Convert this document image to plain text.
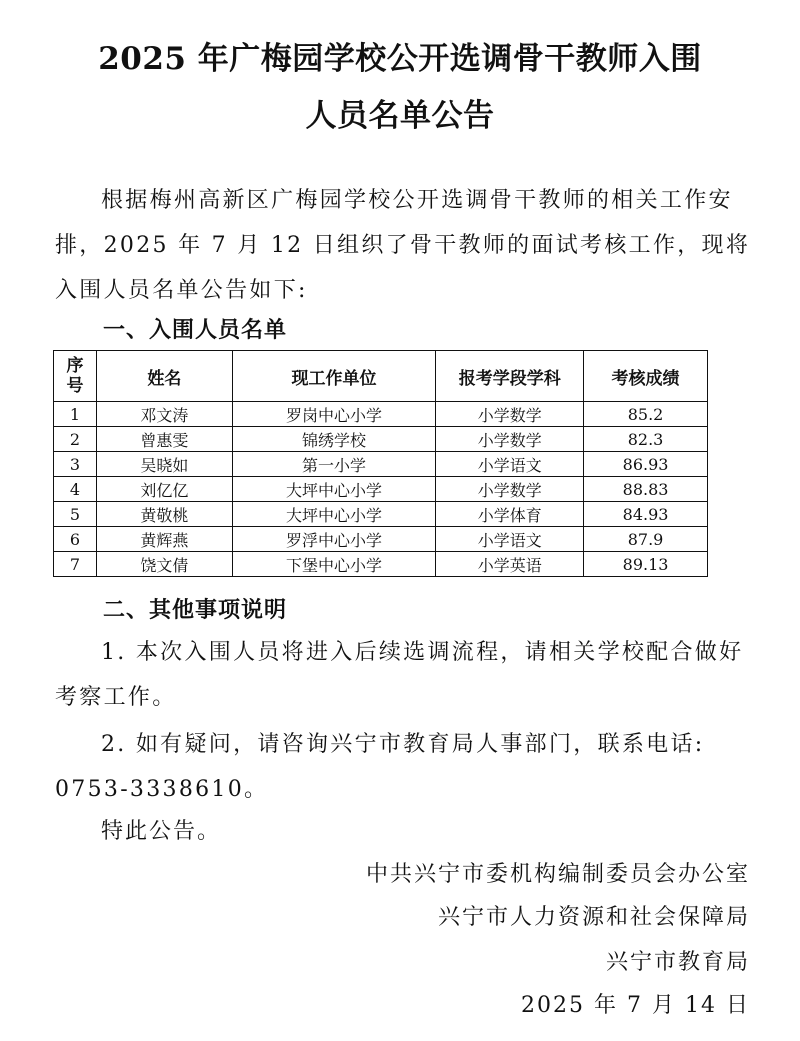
2025 年广梅园学校公开选调骨干教师入围
人员名单公告

根据梅州高新区广梅园学校公开选调骨干教师的相关工作安排，2025 年 7 月 12 日组织了骨干教师的面试考核工作，现将入围人员名单公告如下:

一、入围人员名单

序
号	姓名	现工作单位	报考学段学科	考核成绩
1	邓文涛	罗岗中心小学	小学数学	85.2
2	曾惠雯	锦绣学校	小学数学	82.3
3	吴晓如	第一小学	小学语文	86.93
4	刘亿亿	大坪中心小学	小学数学	88.83
5	黄敬桃	大坪中心小学	小学体育	84.93
6	黄辉燕	罗浮中心小学	小学语文	87.9
7	饶文倩	下堡中心小学	小学英语	89.13

二、其他事项说明

1. 本次入围人员将进入后续选调流程，请相关学校配合做好
考察工作。
2. 如有疑问，请咨询兴宁市教育局人事部门，联系电话:
0753-3338610。

特此公告。

中共兴宁市委机构编制委员会办公室

兴宁市人力资源和社会保障局

兴宁市教育局

2025 年 7 月 14 日
